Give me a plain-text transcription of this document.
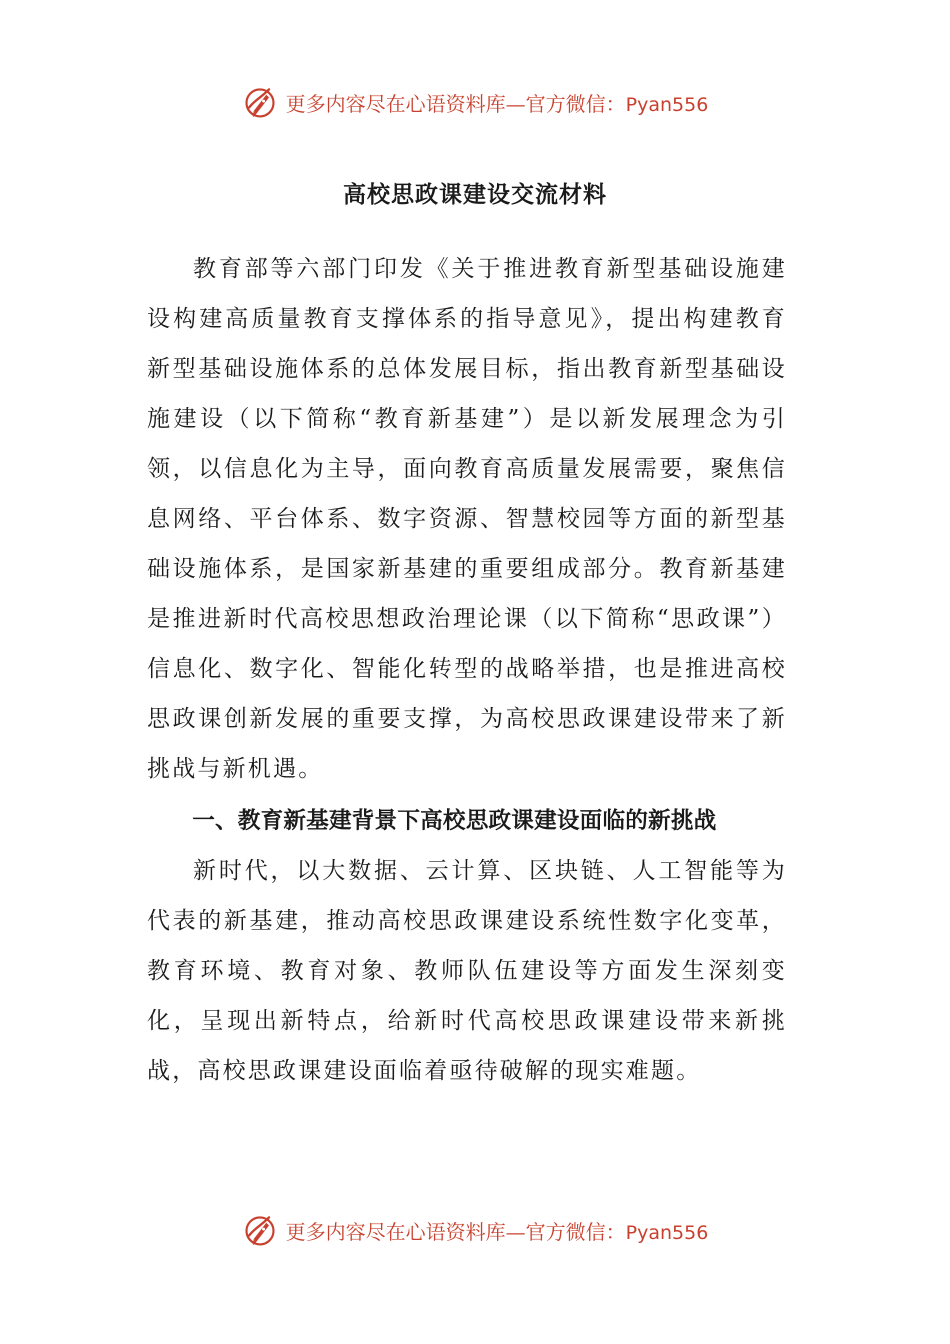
更多内容尽在心语资料库—官方微信：Pyan556
高校思政课建设交流材料

教育部等六部门印发《关于推进教育新型基础设施建设构建高质量教育支撑体系的指导意见》，提出构建教育新型基础设施体系的总体发展目标，指出教育新型基础设施建设（以下简称“教育新基建”）是以新发展理念为引领，以信息化为主导，面向教育高质量发展需要，聚焦信息网络、平台体系、数字资源、智慧校园等方面的新型基础设施体系，是国家新基建的重要组成部分。教育新基建是推进新时代高校思想政治理论课（以下简称“思政课”）信息化、数字化、智能化转型的战略举措，也是推进高校思政课创新发展的重要支撑，为高校思政课建设带来了新挑战与新机遇。

一、教育新基建背景下高校思政课建设面临的新挑战

新时代，以大数据、云计算、区块链、人工智能等为代表的新基建，推动高校思政课建设系统性数字化变革，教育环境、教育对象、教师队伍建设等方面发生深刻变化，呈现出新特点，给新时代高校思政课建设带来新挑战，高校思政课建设面临着亟待破解的现实难题。

更多内容尽在心语资料库—官方微信：Pyan556
